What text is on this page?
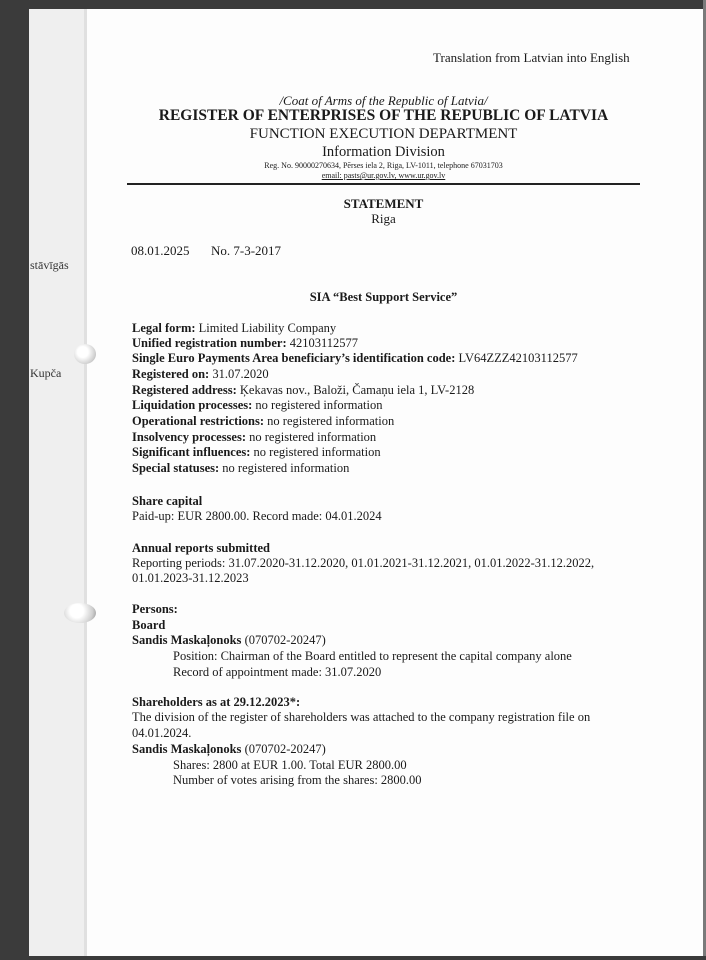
stāvīgās
Kupča
Translation from Latvian into English
/Coat of Arms of the Republic of Latvia/
REGISTER OF ENTERPRISES OF THE REPUBLIC OF LATVIA
FUNCTION EXECUTION DEPARTMENT
Information Division
Reg. No. 90000270634, Pērses iela 2, Riga, LV-1011, telephone 67031703
email: pasts@ur.gov.lv, www.ur.gov.lv
STATEMENT
Riga
08.01.2025 No. 7-3-2017
SIA “Best Support Service”
Legal form: Limited Liability Company
Unified registration number: 42103112577
Single Euro Payments Area beneficiary’s identification code: LV64ZZZ42103112577
Registered on: 31.07.2020
Registered address: Ķekavas nov., Baloži, Čamaņu iela 1, LV-2128
Liquidation processes: no registered information
Operational restrictions: no registered information
Insolvency processes: no registered information
Significant influences: no registered information
Special statuses: no registered information
Share capital
Paid-up: EUR 2800.00. Record made: 04.01.2024
Annual reports submitted
Reporting periods: 31.07.2020-31.12.2020, 01.01.2021-31.12.2021, 01.01.2022-31.12.2022,
01.01.2023-31.12.2023
Persons:
Board
Sandis Maskaļonoks (070702-20247)
Position: Chairman of the Board entitled to represent the capital company alone
Record of appointment made: 31.07.2020
Shareholders as at 29.12.2023*:
The division of the register of shareholders was attached to the company registration file on
04.01.2024.
Sandis Maskaļonoks (070702-20247)
Shares: 2800 at EUR 1.00. Total EUR 2800.00
Number of votes arising from the shares: 2800.00
